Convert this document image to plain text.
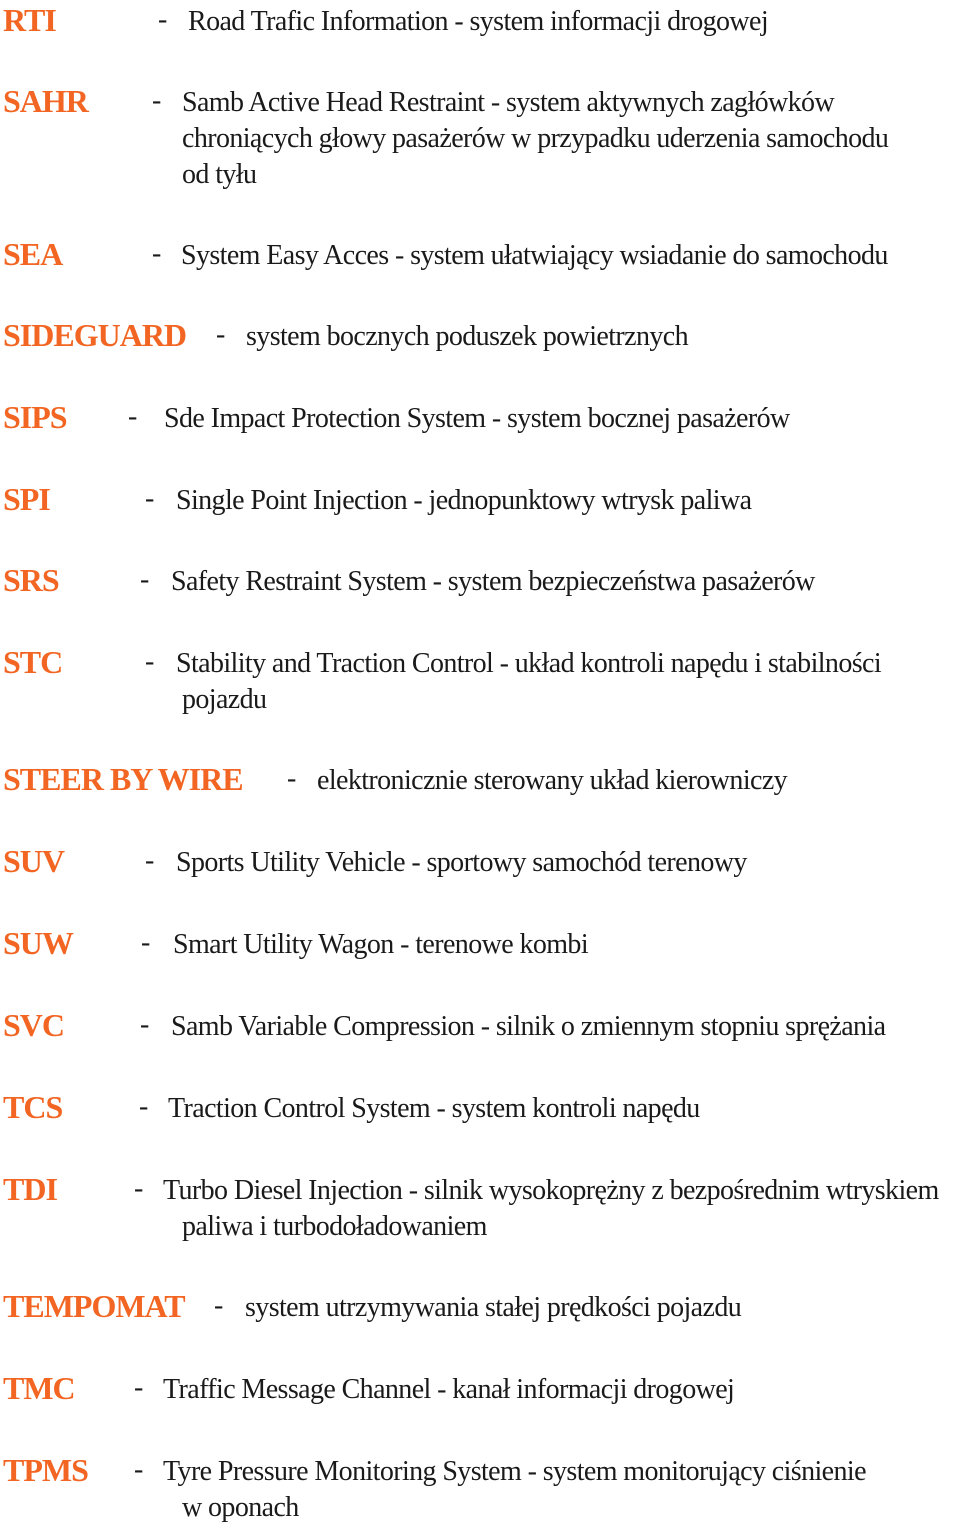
RTI	- Road Trafic Information - system informacji drogowej
SAHR - Samb Active Head Restraint - system aktywnych zagłówków
chroniących głowy pasażerów w przypadku uderzenia samochodu
od tyłu
SEA	- System Easy Acces - system ułatwiający wsiadanie do samochodu
SIDEGUARD - system bocznych poduszek powietrznych
SIPS - Sde Impact Protection System - system bocznej pasażerów
SPI	- Single Point Injection - jednopunktowy wtrysk paliwa
SRS	- Safety Restraint System - system bezpieczeństwa pasażerów
STC	- Stability and Traction Control - układ kontroli napędu i stabilności
pojazdu
STEER BY WIRE - elektronicznie sterowany układ kierowniczy
SUV	- Sports Utility Vehicle - sportowy samochód terenowy
SUW - Smart Utility Wagon - terenowe kombi
SVC	- Samb Variable Compression - silnik o zmiennym stopniu sprężania
TCS	- Traction Control System - system kontroli napędu
TDI	- Turbo Diesel Injection - silnik wysokoprężny z bezpośrednim wtryskiem
paliwa i turbodoładowaniem
TEMPOMAT - system utrzymywania stałej prędkości pojazdu
TMC - Traffic Message Channel - kanał informacji drogowej
TPMS - Tyre Pressure Monitoring System - system monitorujący ciśnienie
w oponach
